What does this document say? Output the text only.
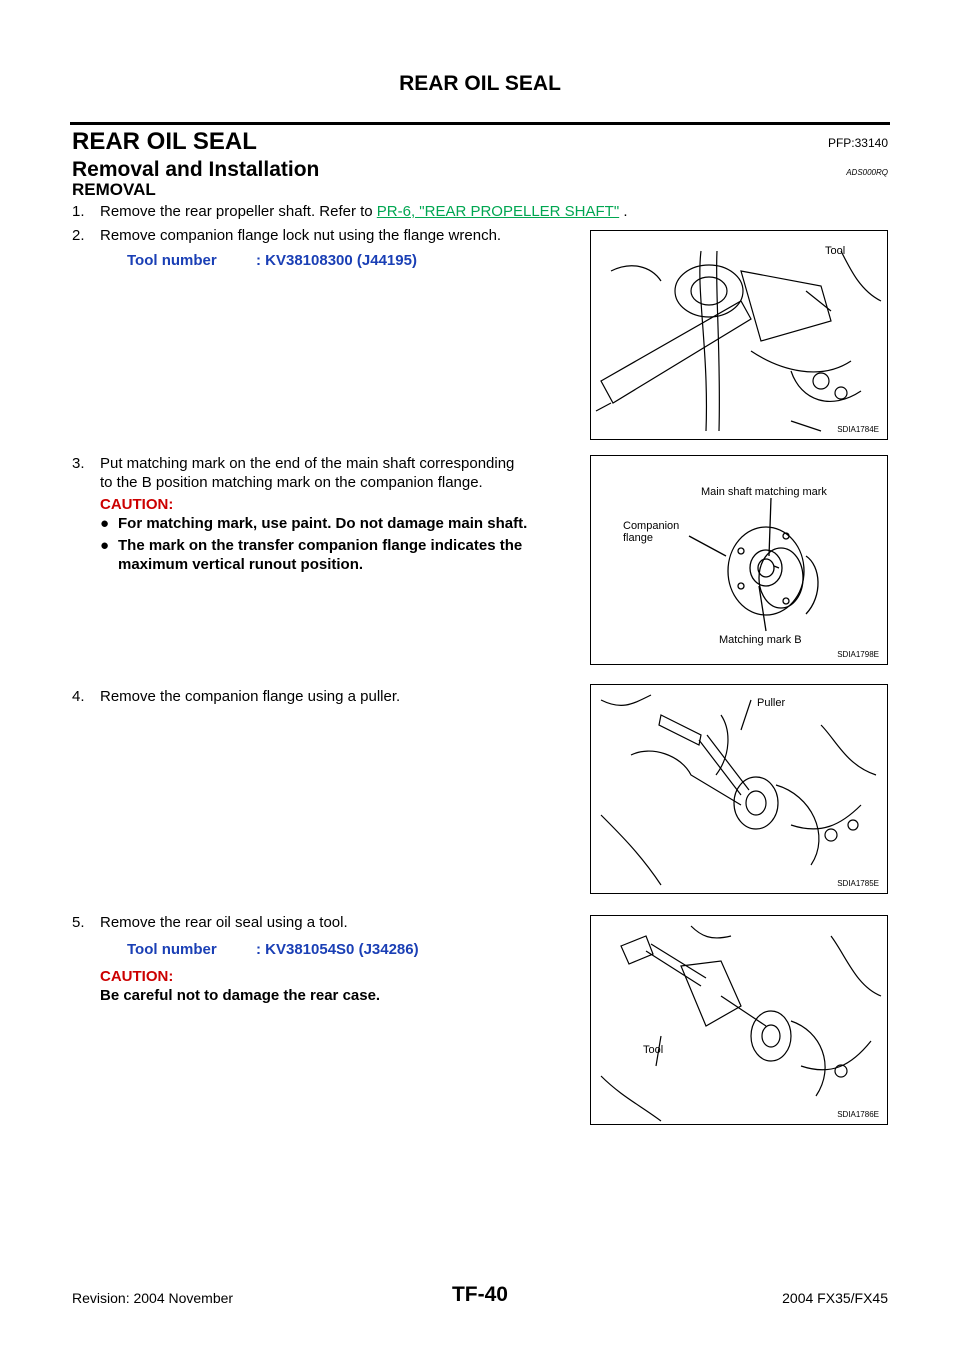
REAR OIL SEAL
REAR OIL SEAL	PFP:33140
Removal and Installation	ADS000RQ
REMOVAL
1. Remove the rear propeller shaft. Refer to PR-6, "REAR PROPELLER SHAFT" .
2. Remove companion flange lock nut using the flange wrench.
Tool number	: KV38108300 (J44195)
Tool
SDIA1784E
3. Put matching mark on the end of the main shaft corresponding
to the B position matching mark on the companion flange.
CAUTION:
● For matching mark, use paint. Do not damage main shaft.
● The mark on the transfer companion flange indicates the
maximum vertical runout position.
Main shaft matching mark
Companion
flange
Matching mark B
SDIA1798E
4. Remove the companion flange using a puller.	Puller
SDIA1785E
5. Remove the rear oil seal using a tool.
Tool number	: KV381054S0 (J34286)
CAUTION:
Be careful not to damage the rear case.
Tool
SDIA1786E
Revision: 2004 November	TF-40	2004 FX35/FX45
